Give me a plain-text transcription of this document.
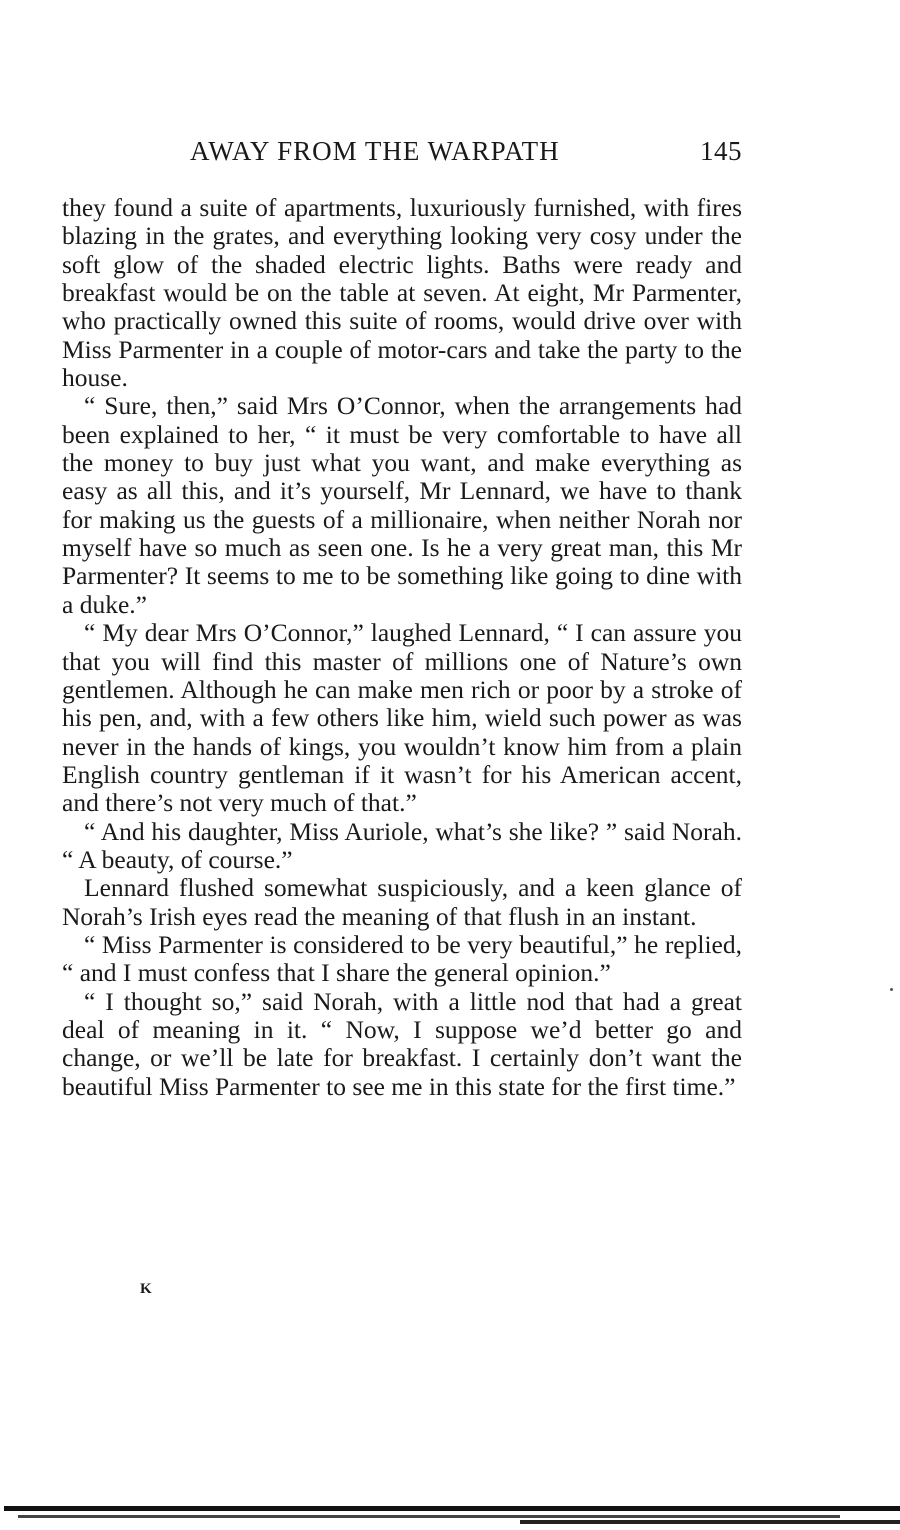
AWAY FROM THE WARPATH	145

they found a suite of apartments, luxuriously furnished, with fires blazing in the grates, and everything looking very cosy under the soft glow of the shaded electric lights. Baths were ready and breakfast would be on the table at seven. At eight, Mr Parmenter, who practically owned this suite of rooms, would drive over with Miss Parmenter in a couple of motor-cars and take the party to the house.

“ Sure, then,” said Mrs O’Connor, when the arrangements had been explained to her, “ it must be very comfortable to have all the money to buy just what you want, and make everything as easy as all this, and it’s yourself, Mr Lennard, we have to thank for making us the guests of a millionaire, when neither Norah nor myself have so much as seen one. Is he a very great man, this Mr Parmenter? It seems to me to be something like going to dine with a duke.”

“ My dear Mrs O’Connor,” laughed Lennard, “ I can assure you that you will find this master of millions one of Nature’s own gentlemen. Although he can make men rich or poor by a stroke of his pen, and, with a few others like him, wield such power as was never in the hands of kings, you wouldn’t know him from a plain English country gentleman if it wasn’t for his American accent, and there’s not very much of that.”

“ And his daughter, Miss Auriole, what’s she like? ” said Norah. “ A beauty, of course.”

Lennard flushed somewhat suspiciously, and a keen glance of Norah’s Irish eyes read the meaning of that flush in an instant.

“ Miss Parmenter is considered to be very beautiful,” he replied, “ and I must confess that I share the general opinion.”

“ I thought so,” said Norah, with a little nod that had a great deal of meaning in it. “ Now, I suppose we’d better go and change, or we’ll be late for breakfast. I certainly don’t want the beautiful Miss Parmenter to see me in this state for the first time.”

K
